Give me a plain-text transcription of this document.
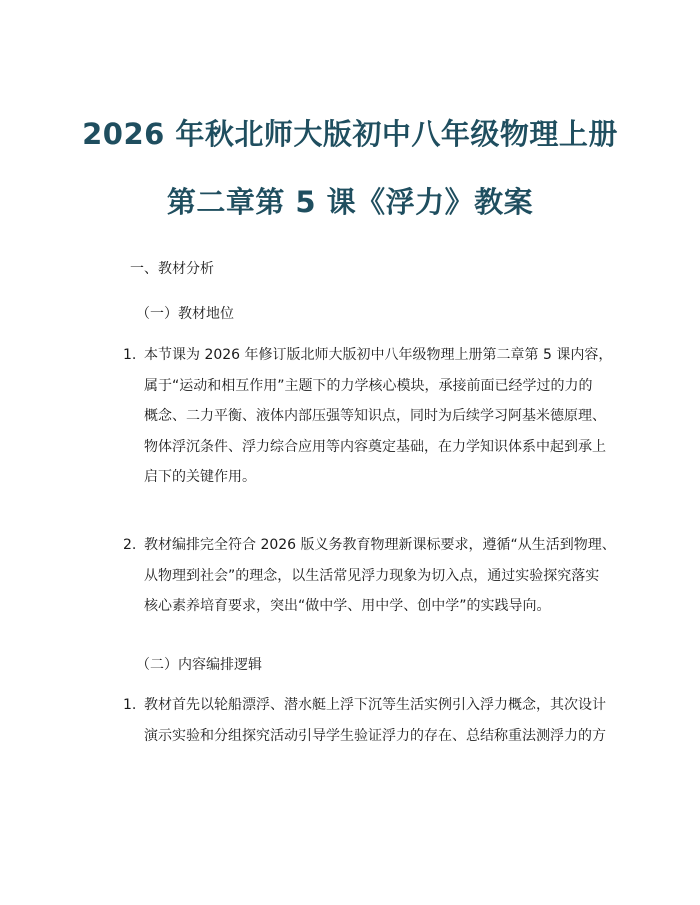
2026 年秋北师大版初中八年级物理上册
第二章第 5 课《浮力》教案
一、教材分析
（一）教材地位
1. 本节课为 2026 年修订版北师大版初中八年级物理上册第二章第 5 课内容，
属于“运动和相互作用”主题下的力学核心模块，承接前面已经学过的力的
概念、二力平衡、液体内部压强等知识点，同时为后续学习阿基米德原理、
物体浮沉条件、浮力综合应用等内容奠定基础，在力学知识体系中起到承上
启下的关键作用。
2. 教材编排完全符合 2026 版义务教育物理新课标要求，遵循“从生活到物理、
从物理到社会”的理念，以生活常见浮力现象为切入点，通过实验探究落实
核心素养培育要求，突出“做中学、用中学、创中学”的实践导向。
（二）内容编排逻辑
1. 教材首先以轮船漂浮、潜水艇上浮下沉等生活实例引入浮力概念，其次设计
演示实验和分组探究活动引导学生验证浮力的存在、总结称重法测浮力的方
